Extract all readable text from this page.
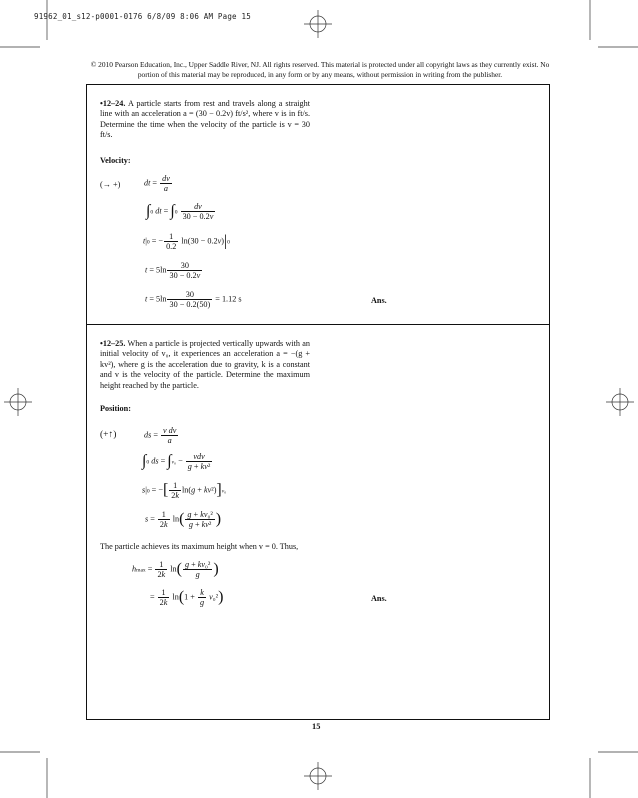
91962_01_s12-p0001-0176 6/8/09 8:06 AM Page 15
© 2010 Pearson Education, Inc., Upper Saddle River, NJ. All rights reserved. This material is protected under all copyright laws as they currently exist. No portion of this material may be reproduced, in any form or by any means, without permission in writing from the publisher.
•12–24. A particle starts from rest and travels along a straight line with an acceleration a = (30 − 0.2v) ft/s², where v is in ft/s. Determine the time when the velocity of the particle is v = 30 ft/s.
Velocity:
(→ +)	dt = $\frac{dv}{a}$
∫0 dt = $\int 0 \frac{dv}{30 - 0.2v}$
t|0 = − $\frac{1}{0.2} \ln(30 - 0.2v)|0$
$t = 5\ln \frac{30}{30 - 0.2v}$
$t = 5\ln \frac{30}{30 - 0.2(50)} = 1.12$ s	Ans.
•12–25. When a particle is projected vertically upwards with an initial velocity of v₀, it experiences an acceleration a = −(g + kv²), where g is the acceleration due to gravity, k is a constant and v is the velocity of the particle. Determine the maximum height reached by the particle.
Position:
(+↑)	ds = $\frac{\text{v dv}}{a}$
∫0 ds = $\int v_0 - \frac{\text{vdv}}{\text{g + kv²}}$
s|0 = −[ $\frac{1}{2k} \ln(g + kv^2)]v_0$
$s = \frac{1}{2k} \ln( \frac{\text{g + kv₀²}}{\text{g + kv²}}$ )
The particle achieves its maximum height when v = 0. Thus,
$hmax = \frac{1}{2k} \ln( \frac{\text{g + kv₀²}}{g}$ )
= $\frac{1}{2k} \ln(1 + \frac{k}{g} v_0^2)$	Ans.
15
